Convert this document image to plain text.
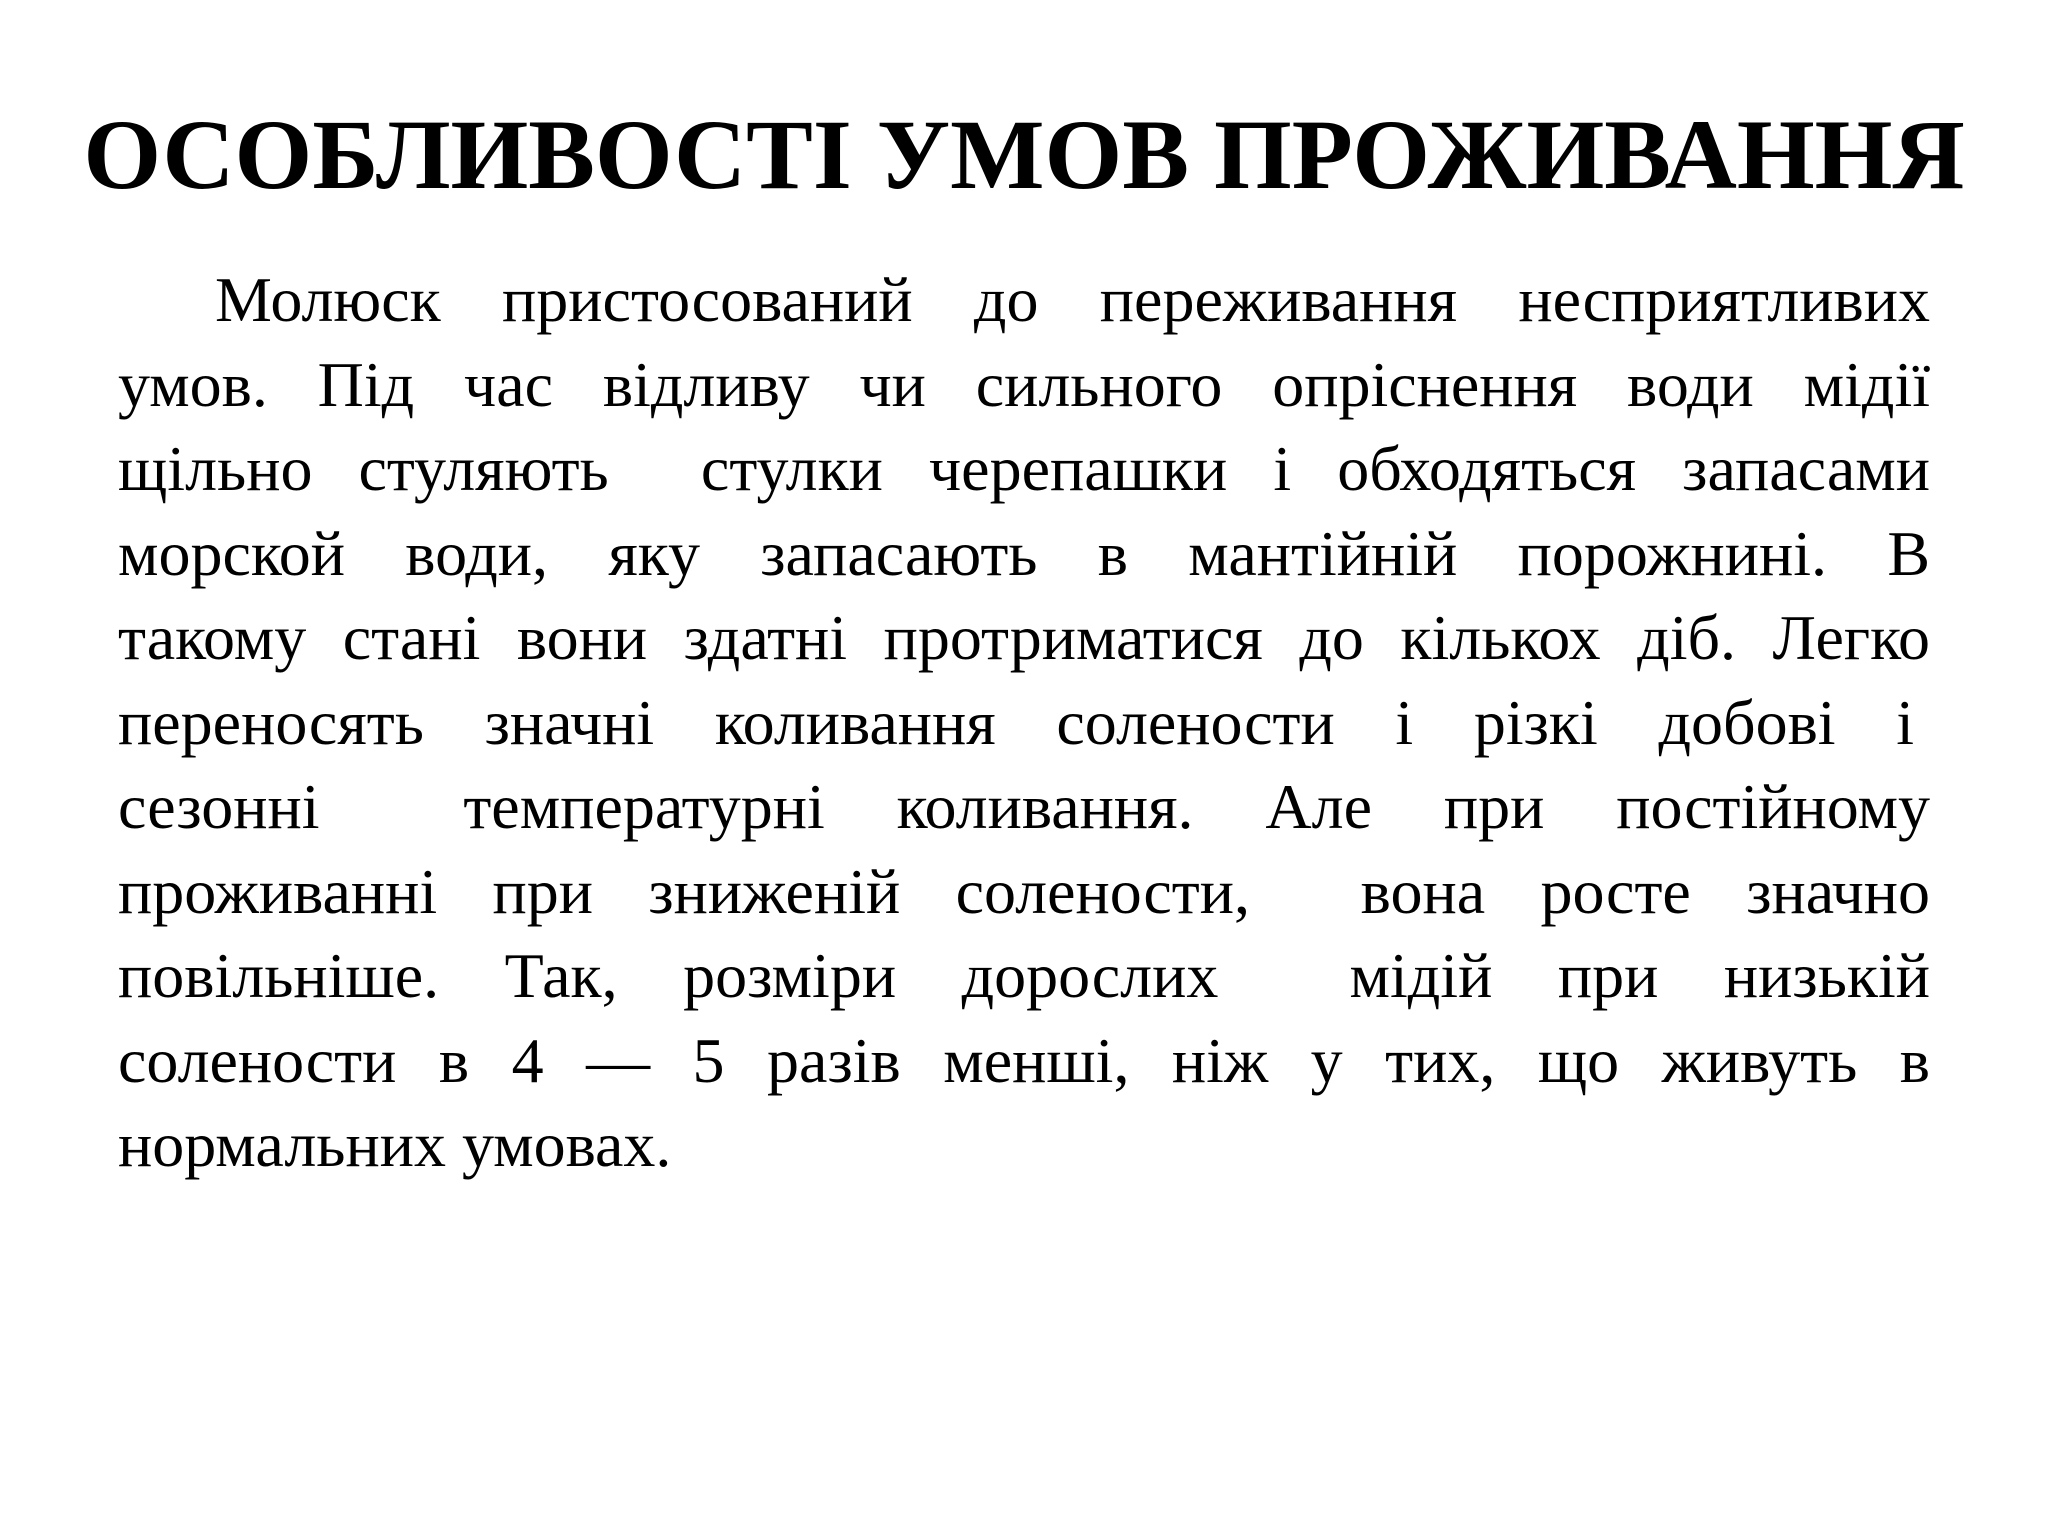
ОСОБЛИВОСТІ УМОВ ПРОЖИВАННЯ
Молюск пристосований до переживання несприятливих
умов. Під час відливу чи сильного опріснення води мідії
щільно стуляють  стулки черепашки і обходяться запасами
морской води, яку запасають в мантійній порожнині. В
такому стані вони здатні протриматися до кількох діб. Легко
переносять значні коливання солености і різкі добові і
сезонні  температурні коливання. Але при постійному
проживанні при зниженій солености,  вона росте значно
повільніше. Так, розміри дорослих  мідій при низькій
солености в 4 — 5 разів менші, ніж у тих, що живуть в
нормальних умовах.
